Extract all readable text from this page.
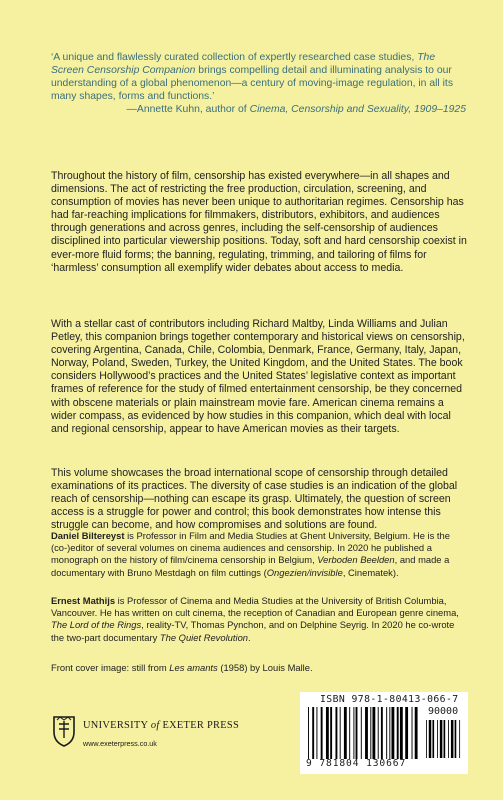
‘A unique and flawlessly curated collection of expertly researched case studies, The Screen Censorship Companion brings compelling detail and illuminating analysis to our understanding of a global phenomenon—a century of moving-image regulation, in all its many shapes, forms and functions.’

—Annette Kuhn, author of Cinema, Censorship and Sexuality, 1909–1925

Throughout the history of film, censorship has existed everywhere—in all shapes and dimensions. The act of restricting the free production, circulation, screening, and consumption of movies has never been unique to authoritarian regimes. Censorship has had far-reaching implications for filmmakers, distributors, exhibitors, and audiences through generations and across genres, including the self-censorship of audiences disciplined into particular viewership positions. Today, soft and hard censorship coexist in ever-more fluid forms; the banning, regulating, trimming, and tailoring of films for ‘harmless’ consumption all exemplify wider debates about access to media.

With a stellar cast of contributors including Richard Maltby, Linda Williams and Julian Petley, this companion brings together contemporary and historical views on censorship, covering Argentina, Canada, Chile, Colombia, Denmark, France, Germany, Italy, Japan, Norway, Poland, Sweden, Turkey, the United Kingdom, and the United States. The book considers Hollywood’s practices and the United States’ legislative context as important frames of reference for the study of filmed entertainment censorship, be they concerned with obscene materials or plain mainstream movie fare. American cinema remains a wider compass, as evidenced by how studies in this companion, which deal with local and regional censorship, appear to have American movies as their targets.

This volume showcases the broad international scope of censorship through detailed examinations of its practices. The diversity of case studies is an indication of the global reach of censorship—nothing can escape its grasp. Ultimately, the question of screen access is a struggle for power and control; this book demonstrates how intense this struggle can become, and how compromises and solutions are found.

Daniel Biltereyst is Professor in Film and Media Studies at Ghent University, Belgium. He is the (co-)editor of several volumes on cinema audiences and censorship. In 2020 he published a monograph on the history of film/cinema censorship in Belgium, Verboden Beelden, and made a documentary with Bruno Mestdagh on film cuttings (Ongezien/invisible, Cinematek).

Ernest Mathijs is Professor of Cinema and Media Studies at the University of British Columbia, Vancouver. He has written on cult cinema, the reception of Canadian and European genre cinema, The Lord of the Rings, reality-TV, Thomas Pynchon, and on Delphine Seyrig. In 2020 he co-wrote the two-part documentary The Quiet Revolution.

Front cover image: still from Les amants (1958) by Louis Malle.

UNIVERSITY of EXETER PRESS
www.exeterpress.co.uk
ISBN 978-1-80413-066-7
90000
9 781804 130667
